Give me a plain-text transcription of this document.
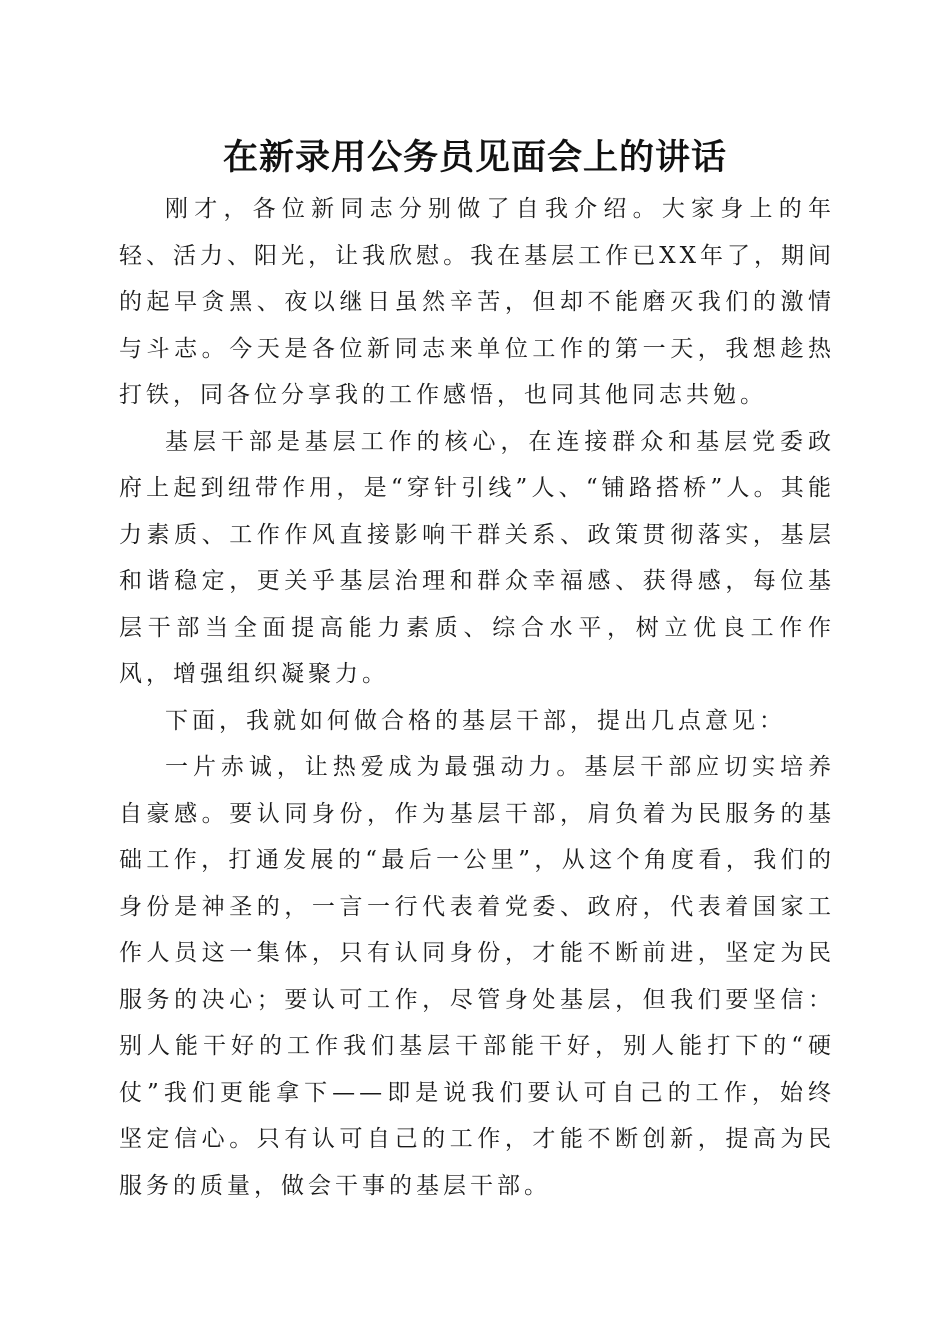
在新录用公务员见面会上的讲话

刚才，各位新同志分别做了自我介绍。大家身上的年轻、活力、阳光，让我欣慰。我在基层工作已XX年了，期间的起早贪黑、夜以继日虽然辛苦，但却不能磨灭我们的激情与斗志。今天是各位新同志来单位工作的第一天，我想趁热打铁，同各位分享我的工作感悟，也同其他同志共勉。

基层干部是基层工作的核心，在连接群众和基层党委政府上起到纽带作用，是“穿针引线”人、“铺路搭桥”人。其能力素质、工作作风直接影响干群关系、政策贯彻落实，基层和谐稳定，更关乎基层治理和群众幸福感、获得感，每位基层干部当全面提高能力素质、综合水平，树立优良工作作风，增强组织凝聚力。

下面，我就如何做合格的基层干部，提出几点意见：

一片赤诚，让热爱成为最强动力。基层干部应切实培养自豪感。要认同身份，作为基层干部，肩负着为民服务的基础工作，打通发展的“最后一公里”，从这个角度看，我们的身份是神圣的，一言一行代表着党委、政府，代表着国家工作人员这一集体，只有认同身份，才能不断前进，坚定为民服务的决心；要认可工作，尽管身处基层，但我们要坚信：别人能干好的工作我们基层干部能干好，别人能打下的“硬仗”我们更能拿下——即是说我们要认可自己的工作，始终坚定信心。只有认可自己的工作，才能不断创新，提高为民服务的质量，做会干事的基层干部。
